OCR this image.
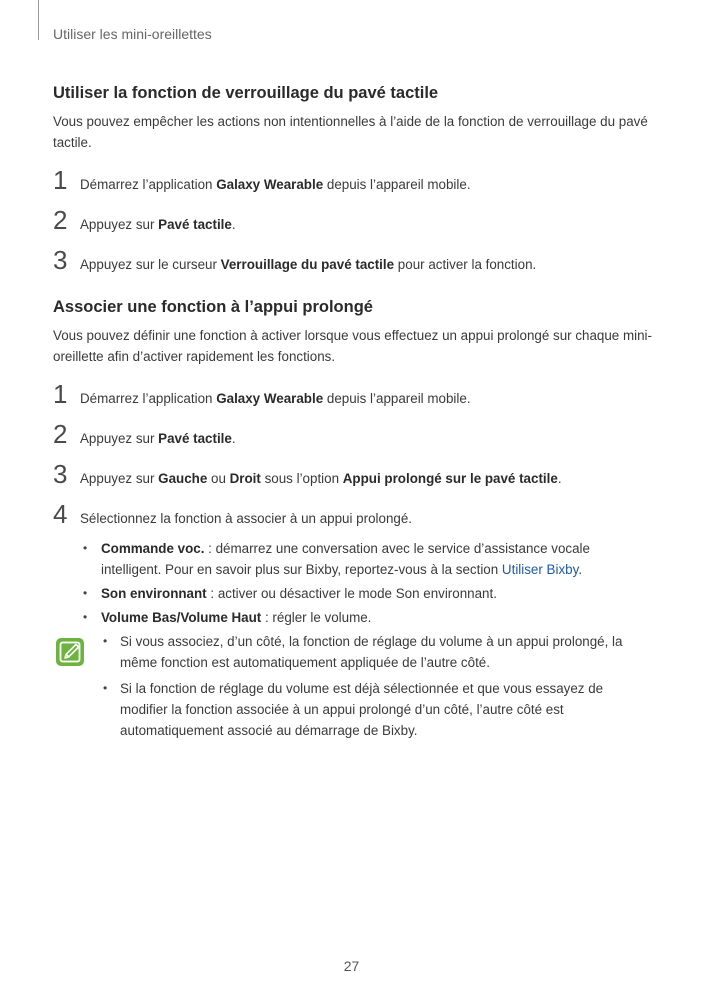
Utiliser les mini-oreillettes
Utiliser la fonction de verrouillage du pavé tactile

Vous pouvez empêcher les actions non intentionnelles à l’aide de la fonction de verrouillage du pavé tactile.

1 Démarrez l’application Galaxy Wearable depuis l’appareil mobile.
2 Appuyez sur Pavé tactile.
3 Appuyez sur le curseur Verrouillage du pavé tactile pour activer la fonction.
Associer une fonction à l’appui prolongé

Vous pouvez définir une fonction à activer lorsque vous effectuez un appui prolongé sur chaque mini-oreillette afin d’activer rapidement les fonctions.

1 Démarrez l’application Galaxy Wearable depuis l’appareil mobile.
2 Appuyez sur Pavé tactile.
3 Appuyez sur Gauche ou Droit sous l’option Appui prolongé sur le pavé tactile.
4 Sélectionnez la fonction à associer à un appui prolongé.
• Commande voc. : démarrez une conversation avec le service d’assistance vocale intelligent. Pour en savoir plus sur Bixby, reportez-vous à la section Utiliser Bixby.
• Son environnant : activer ou désactiver le mode Son environnant.
• Volume Bas/Volume Haut : régler le volume.
• Si vous associez, d’un côté, la fonction de réglage du volume à un appui prolongé, la même fonction est automatiquement appliquée de l’autre côté.
• Si la fonction de réglage du volume est déjà sélectionnée et que vous essayez de modifier la fonction associée à un appui prolongé d’un côté, l’autre côté est automatiquement associé au démarrage de Bixby.
27
